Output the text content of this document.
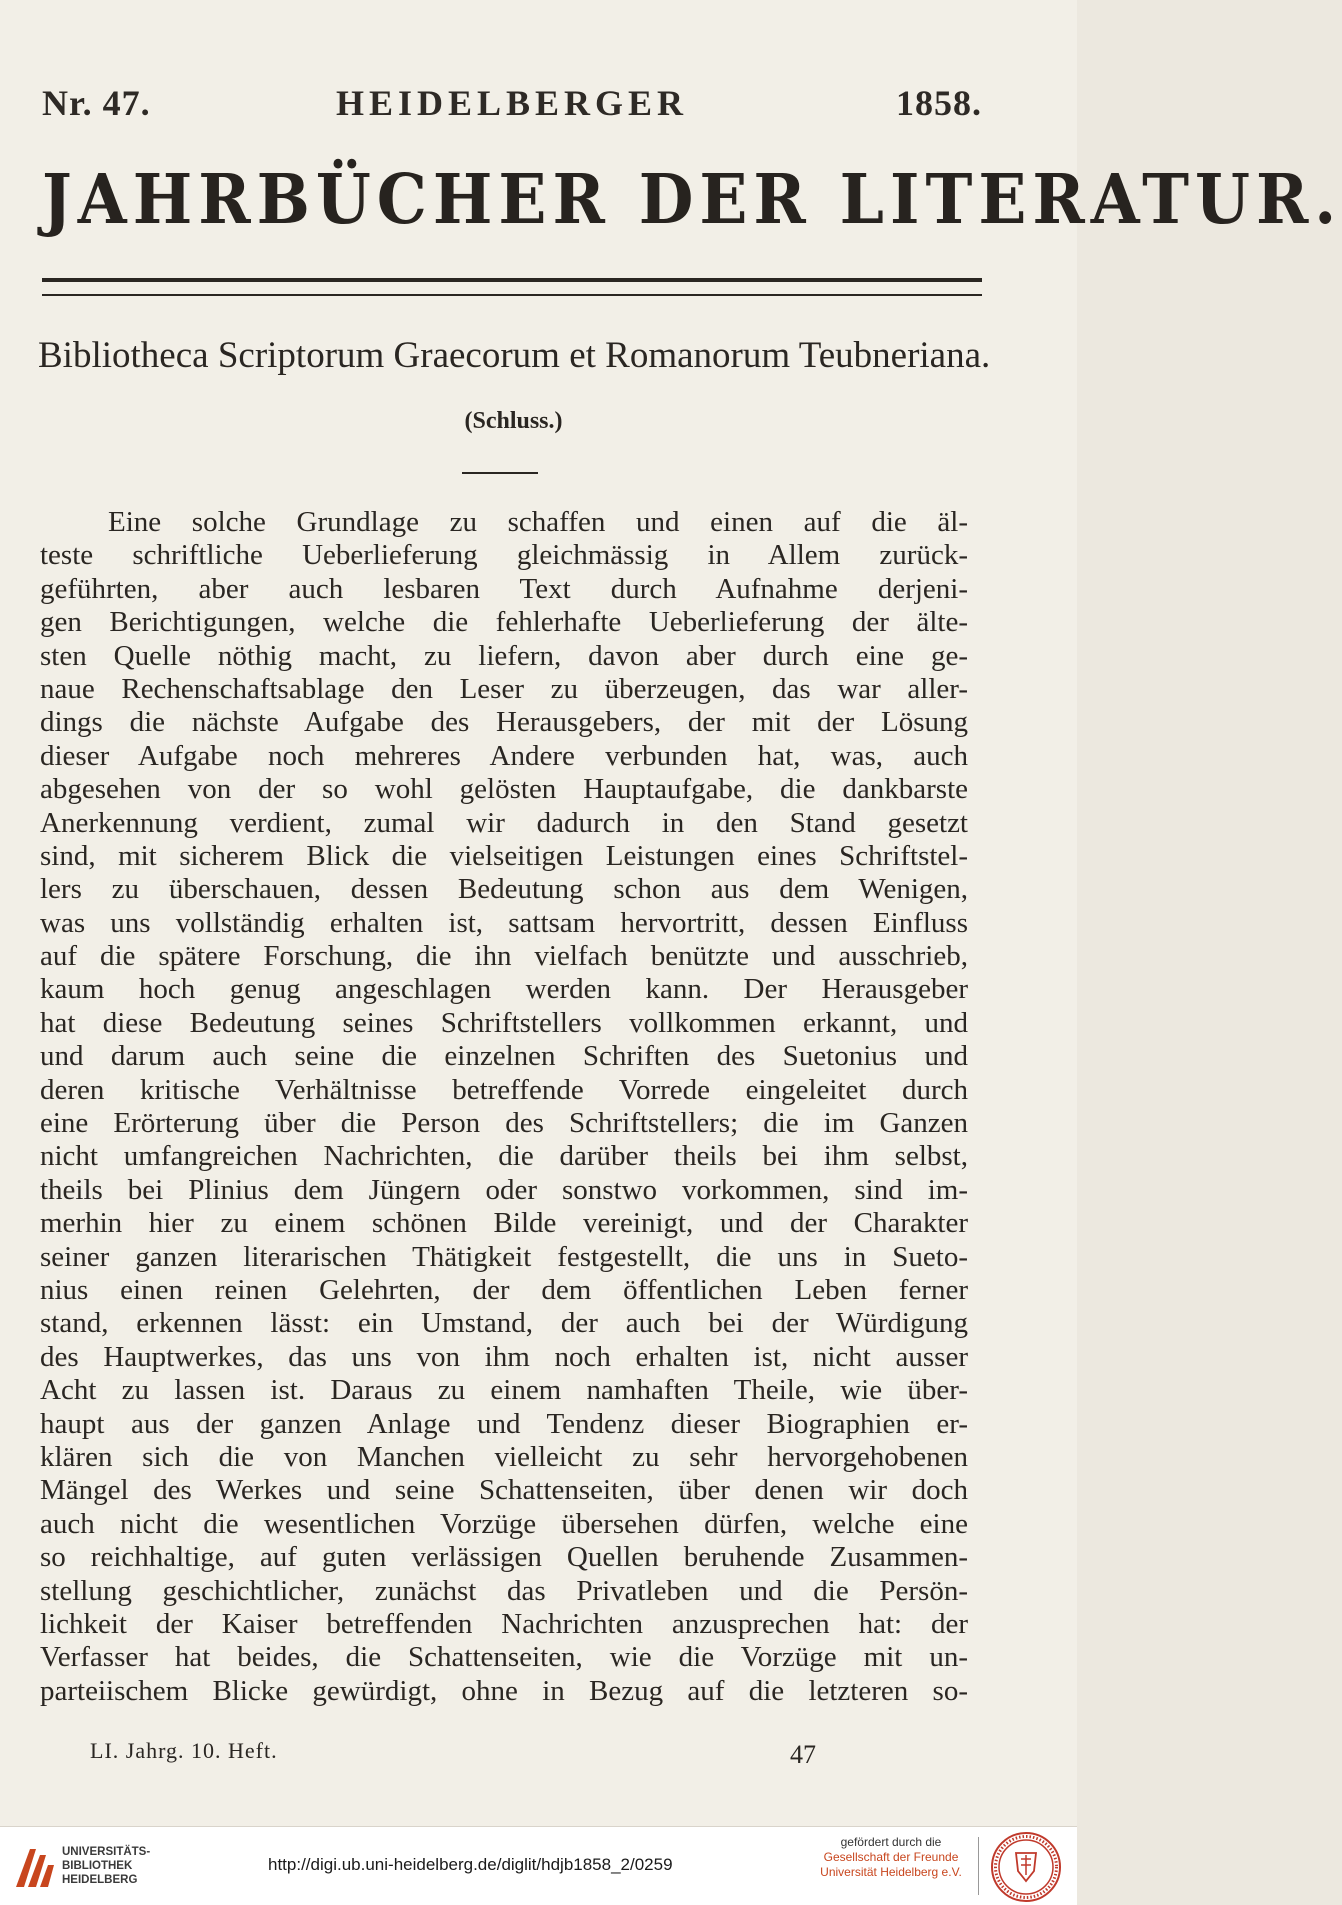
Nr. 47.	HEIDELBERGER	1858.
JAHRBÜCHER DER LITERATUR.
Bibliotheca Scriptorum Graecorum et Romanorum Teubneriana.
(Schluss.)
Eine solche Grundlage zu schaffen und einen auf die äl-
teste schriftliche Ueberlieferung gleichmässig in Allem zurück-
geführten, aber auch lesbaren Text durch Aufnahme derjeni-
gen Berichtigungen, welche die fehlerhafte Ueberlieferung der älte-
sten Quelle nöthig macht, zu liefern, davon aber durch eine ge-
naue Rechenschaftsablage den Leser zu überzeugen, das war aller-
dings die nächste Aufgabe des Herausgebers, der mit der Lösung
dieser Aufgabe noch mehreres Andere verbunden hat, was, auch
abgesehen von der so wohl gelösten Hauptaufgabe, die dankbarste
Anerkennung verdient, zumal wir dadurch in den Stand gesetzt
sind, mit sicherem Blick die vielseitigen Leistungen eines Schriftstel-
lers zu überschauen, dessen Bedeutung schon aus dem Wenigen,
was uns vollständig erhalten ist, sattsam hervortritt, dessen Einfluss
auf die spätere Forschung, die ihn vielfach benützte und ausschrieb,
kaum hoch genug angeschlagen werden kann. Der Herausgeber
hat diese Bedeutung seines Schriftstellers vollkommen erkannt, und
und darum auch seine die einzelnen Schriften des Suetonius und
deren kritische Verhältnisse betreffende Vorrede eingeleitet durch
eine Erörterung über die Person des Schriftstellers; die im Ganzen
nicht umfangreichen Nachrichten, die darüber theils bei ihm selbst,
theils bei Plinius dem Jüngern oder sonstwo vorkommen, sind im-
merhin hier zu einem schönen Bilde vereinigt, und der Charakter
seiner ganzen literarischen Thätigkeit festgestellt, die uns in Sueto-
nius einen reinen Gelehrten, der dem öffentlichen Leben ferner
stand, erkennen lässt: ein Umstand, der auch bei der Würdigung
des Hauptwerkes, das uns von ihm noch erhalten ist, nicht ausser
Acht zu lassen ist. Daraus zu einem namhaften Theile, wie über-
haupt aus der ganzen Anlage und Tendenz dieser Biographien er-
klären sich die von Manchen vielleicht zu sehr hervorgehobenen
Mängel des Werkes und seine Schattenseiten, über denen wir doch
auch nicht die wesentlichen Vorzüge übersehen dürfen, welche eine
so reichhaltige, auf guten verlässigen Quellen beruhende Zusammen-
stellung geschichtlicher, zunächst das Privatleben und die Persön-
lichkeit der Kaiser betreffenden Nachrichten anzusprechen hat: der
Verfasser hat beides, die Schattenseiten, wie die Vorzüge mit un-
parteiischem Blicke gewürdigt, ohne in Bezug auf die letzteren so-
LI. Jahrg. 10. Heft.	47
UNIVERSITÄTS-
BIBLIOTHEK
HEIDELBERG
http://digi.ub.uni-heidelberg.de/diglit/hdjb1858_2/0259
gefördert durch die
Gesellschaft der Freunde
Universität Heidelberg e.V.
